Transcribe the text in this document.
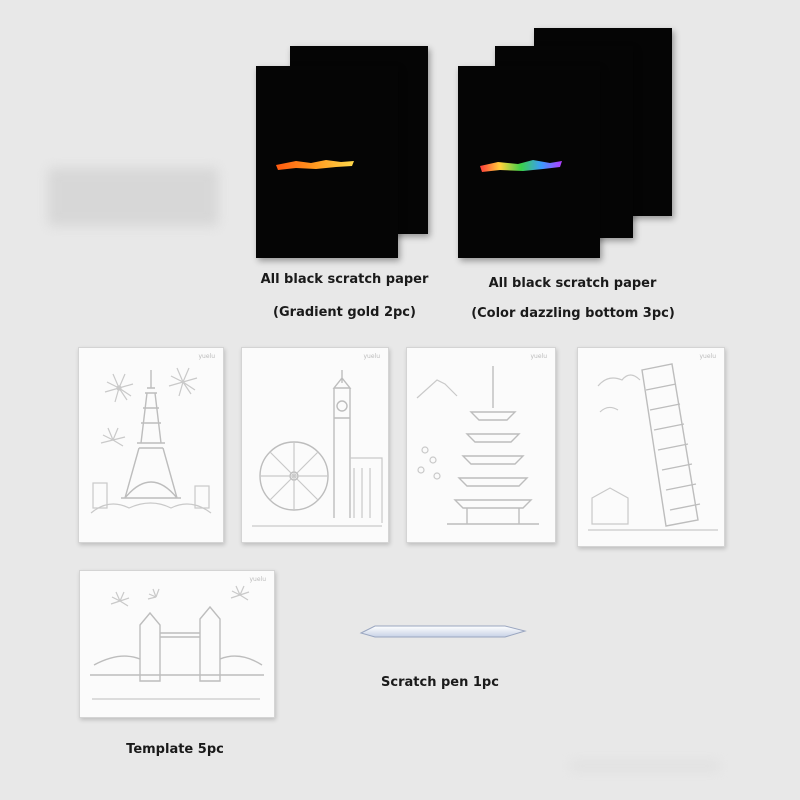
All black scratch paper
(Gradient gold 2pc)
All black scratch paper
(Color dazzling bottom 3pc)
yuelu	yuelu	yuelu	yuelu
yuelu
Template 5pc
Scratch pen 1pc
